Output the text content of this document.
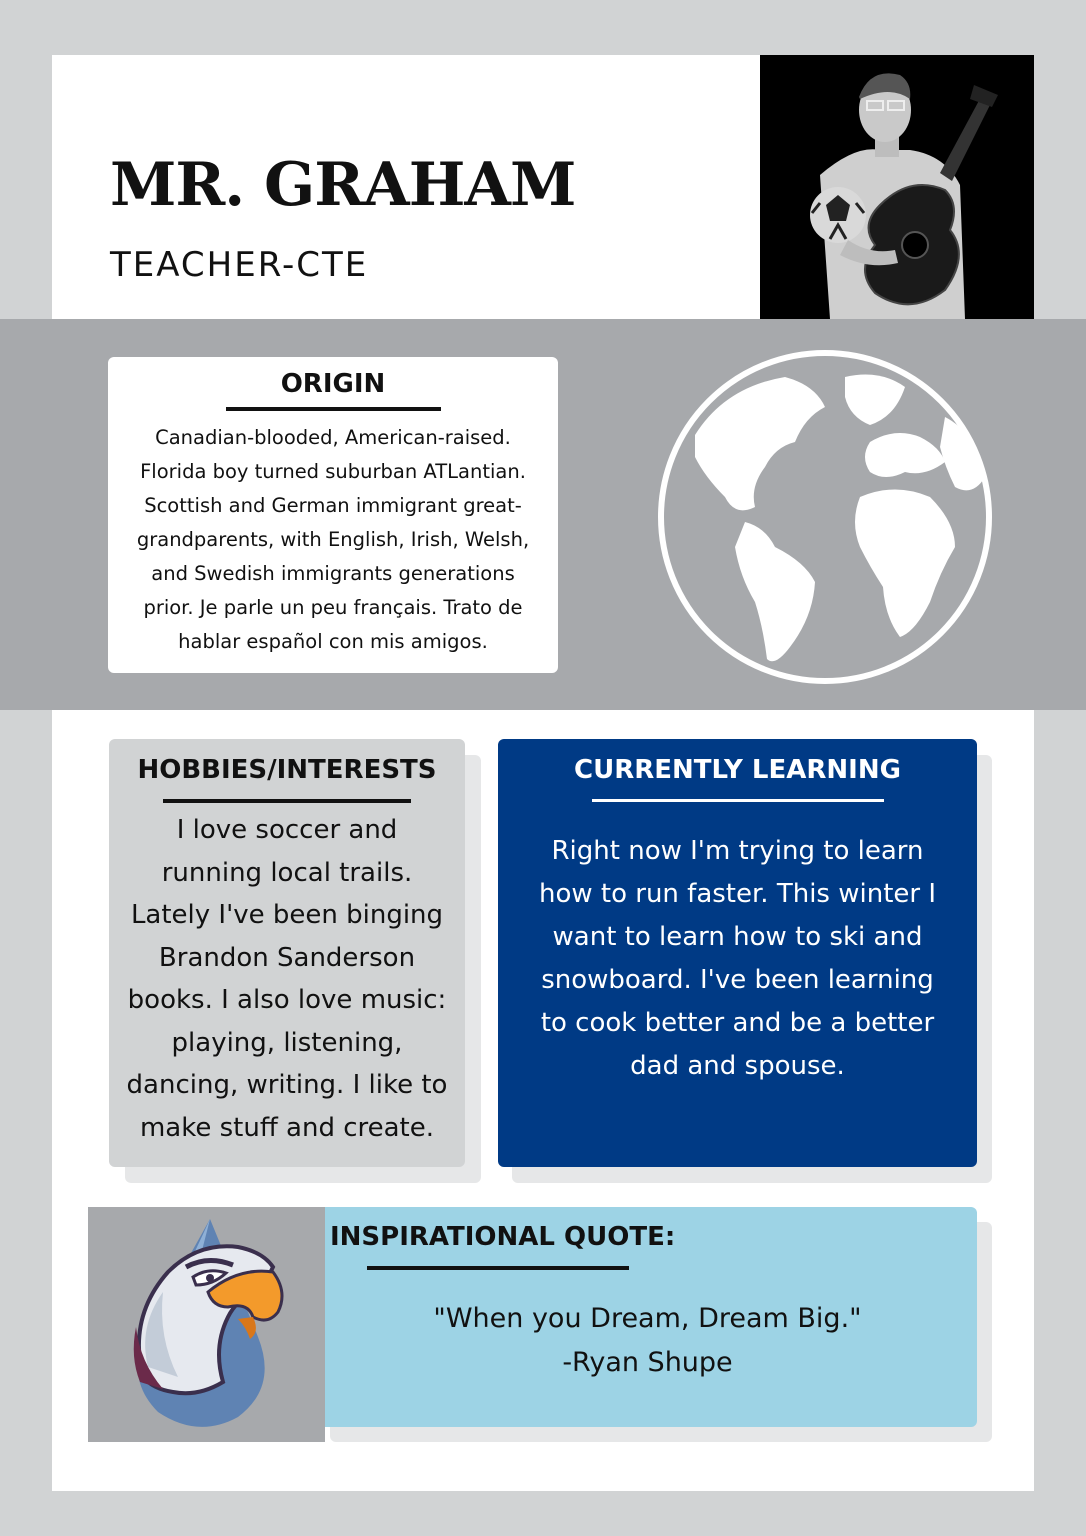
MR. GRAHAM
TEACHER-CTE
ORIGIN
Canadian-blooded, American-raised.
Florida boy turned suburban ATLantian.
Scottish and German immigrant great-
grandparents, with English, Irish, Welsh,
and Swedish immigrants generations
prior. Je parle un peu français. Trato de
hablar español con mis amigos.
HOBBIES/INTERESTS
I love soccer and
running local trails.
Lately I've been binging
Brandon Sanderson
books. I also love music:
playing, listening,
dancing, writing. I like to
make stuff and create.
CURRENTLY LEARNING
Right now I'm trying to learn
how to run faster. This winter I
want to learn how to ski and
snowboard. I've been learning
to cook better and be a better
dad and spouse.
INSPIRATIONAL QUOTE:
"When you Dream, Dream Big."
-Ryan Shupe
